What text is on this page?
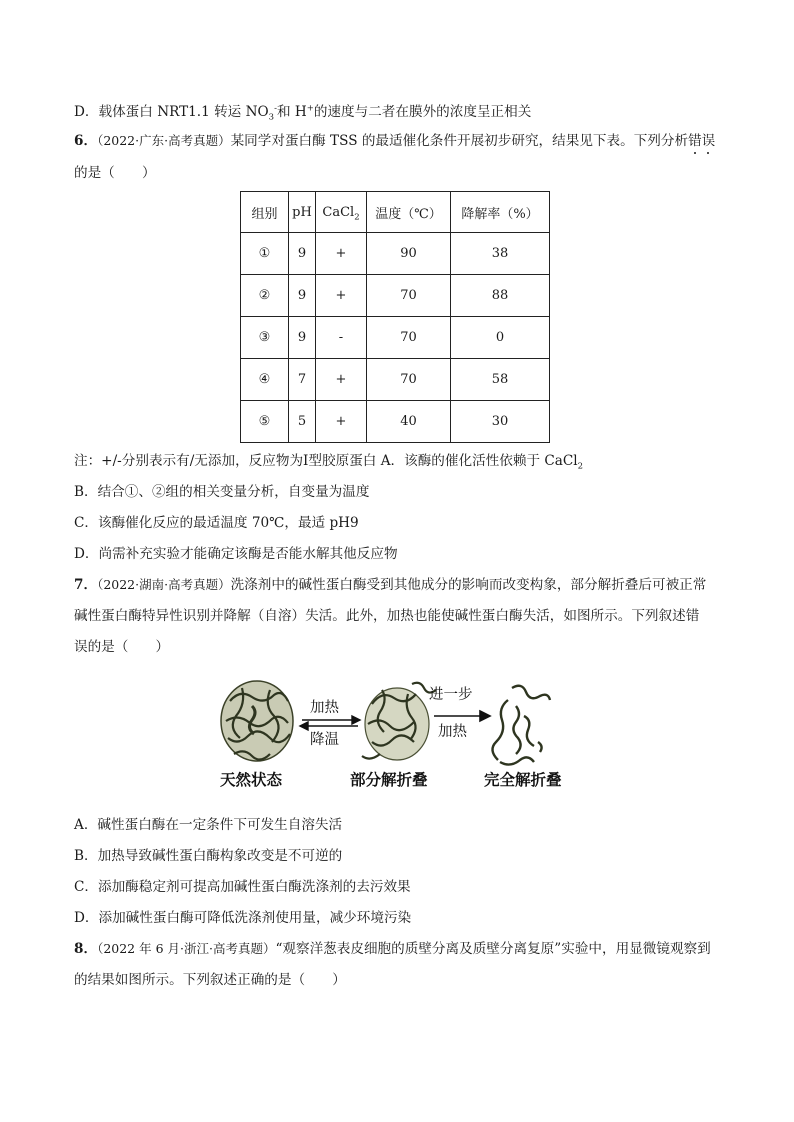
D．载体蛋白 NRT1.1 转运 $NO_3^-$和 H+的速度与二者在膜外的浓度呈正相关
6．（2022·广东·高考真题）某同学对蛋白酶 TSS 的最适催化条件开展初步研究，结果见下表。下列分析错误
的是（　　）
组别	pH	CaCl$_2$	温度（℃）	降解率（%）
①	9	+	90	38
②	9	+	70	88
③	9	-	70	0
④	7	+	70	58
⑤	5	+	40	30
注：+/-分别表示有/无添加，反应物为Ⅰ型胶原蛋白 A．该酶的催化活性依赖于 CaCl$_2$
B．结合①、②组的相关变量分析，自变量为温度
C．该酶催化反应的最适温度 70℃，最适 pH9
D．尚需补充实验才能确定该酶是否能水解其他反应物
7．（2022·湖南·高考真题）洗涤剂中的碱性蛋白酶受到其他成分的影响而改变构象，部分解折叠后可被正常
碱性蛋白酶特异性识别并降解（自溶）失活。此外，加热也能使碱性蛋白酶失活，如图所示。下列叙述错
误的是（　　）
加热
降温
进一步
加热
天然状态	部分解折叠	完全解折叠
A．碱性蛋白酶在一定条件下可发生自溶失活
B．加热导致碱性蛋白酶构象改变是不可逆的
C．添加酶稳定剂可提高加碱性蛋白酶洗涤剂的去污效果
D．添加碱性蛋白酶可降低洗涤剂使用量，减少环境污染
8．（2022 年 6 月·浙江·高考真题）“观察洋葱表皮细胞的质壁分离及质壁分离复原”实验中，用显微镜观察到
的结果如图所示。下列叙述正确的是（　　）
